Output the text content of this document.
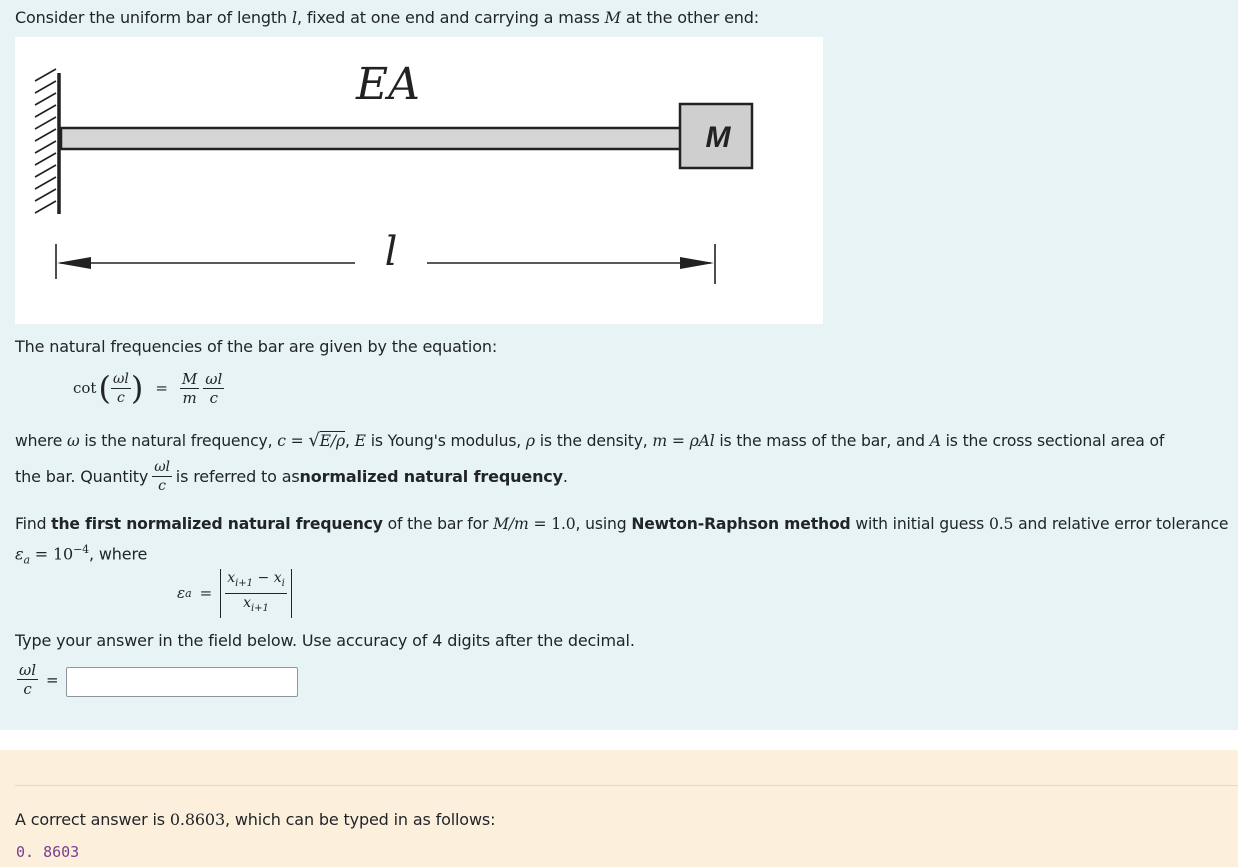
Consider the uniform bar of length l, fixed at one end and carrying a mass M at the other end:
M
EA
l
The natural frequencies of the bar are given by the equation:
cot ( $\frac{\omega l}{c}$ ) = $\frac{M}{m} \frac{\omega l}{c}$
where ω is the natural frequency, c = √E/ρ, E is Young's modulus, ρ is the density, m = ρAl is the mass of the bar, and A is the cross sectional area of
the bar. Quantity $\frac{\omega l}{c}$ is referred to as normalized natural frequency .
Find the first normalized natural frequency of the bar for M/m = 1.0, using Newton-Raphson method with initial guess 0.5 and relative error tolerance
$\varepsilon_a = 10^{-4}$, where
ε $a = \frac{x_{i+1} - x_i}{x_{i+1}}$
Type your answer in the field below. Use accuracy of 4 digits after the decimal.
$\frac{\omega l}{c}$ =
A correct answer is 0.8603, which can be typed in as follows:
0. 8603
